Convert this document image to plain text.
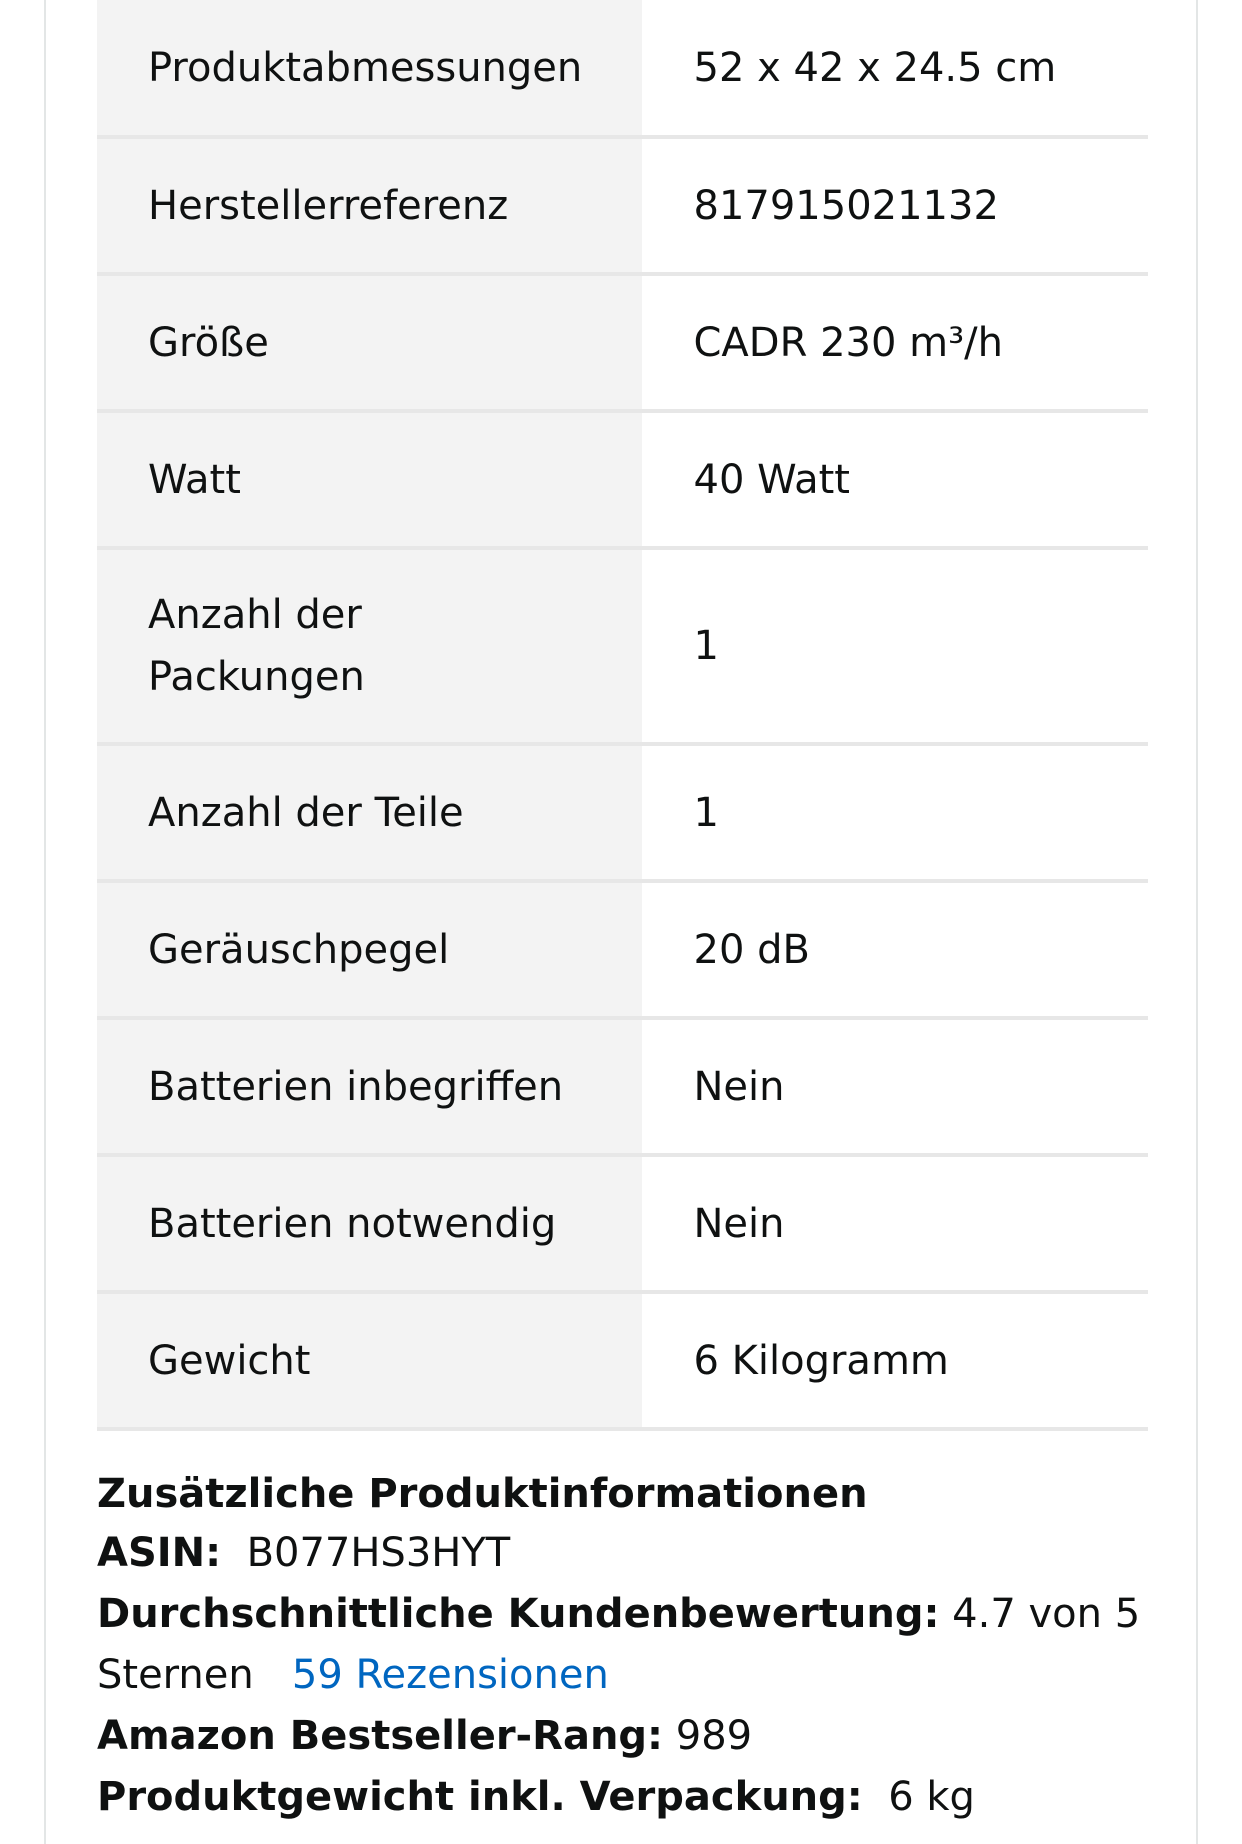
Produktabmessungen	52 x 42 x 24.5 cm
Herstellerreferenz	817915021132
Größe	CADR 230 m³/h
Watt	40 Watt
Anzahl der Packungen	1
Anzahl der Teile	1
Geräuschpegel	20 dB
Batterien inbegriffen	Nein
Batterien notwendig	Nein
Gewicht	6 Kilogramm
Zusätzliche Produktinformationen
ASIN: B077HS3HYT
Durchschnittliche Kundenbewertung: 4.7 von 5 Sternen 59 Rezensionen
Amazon Bestseller-Rang: 989
Produktgewicht inkl. Verpackung: 6 kg
